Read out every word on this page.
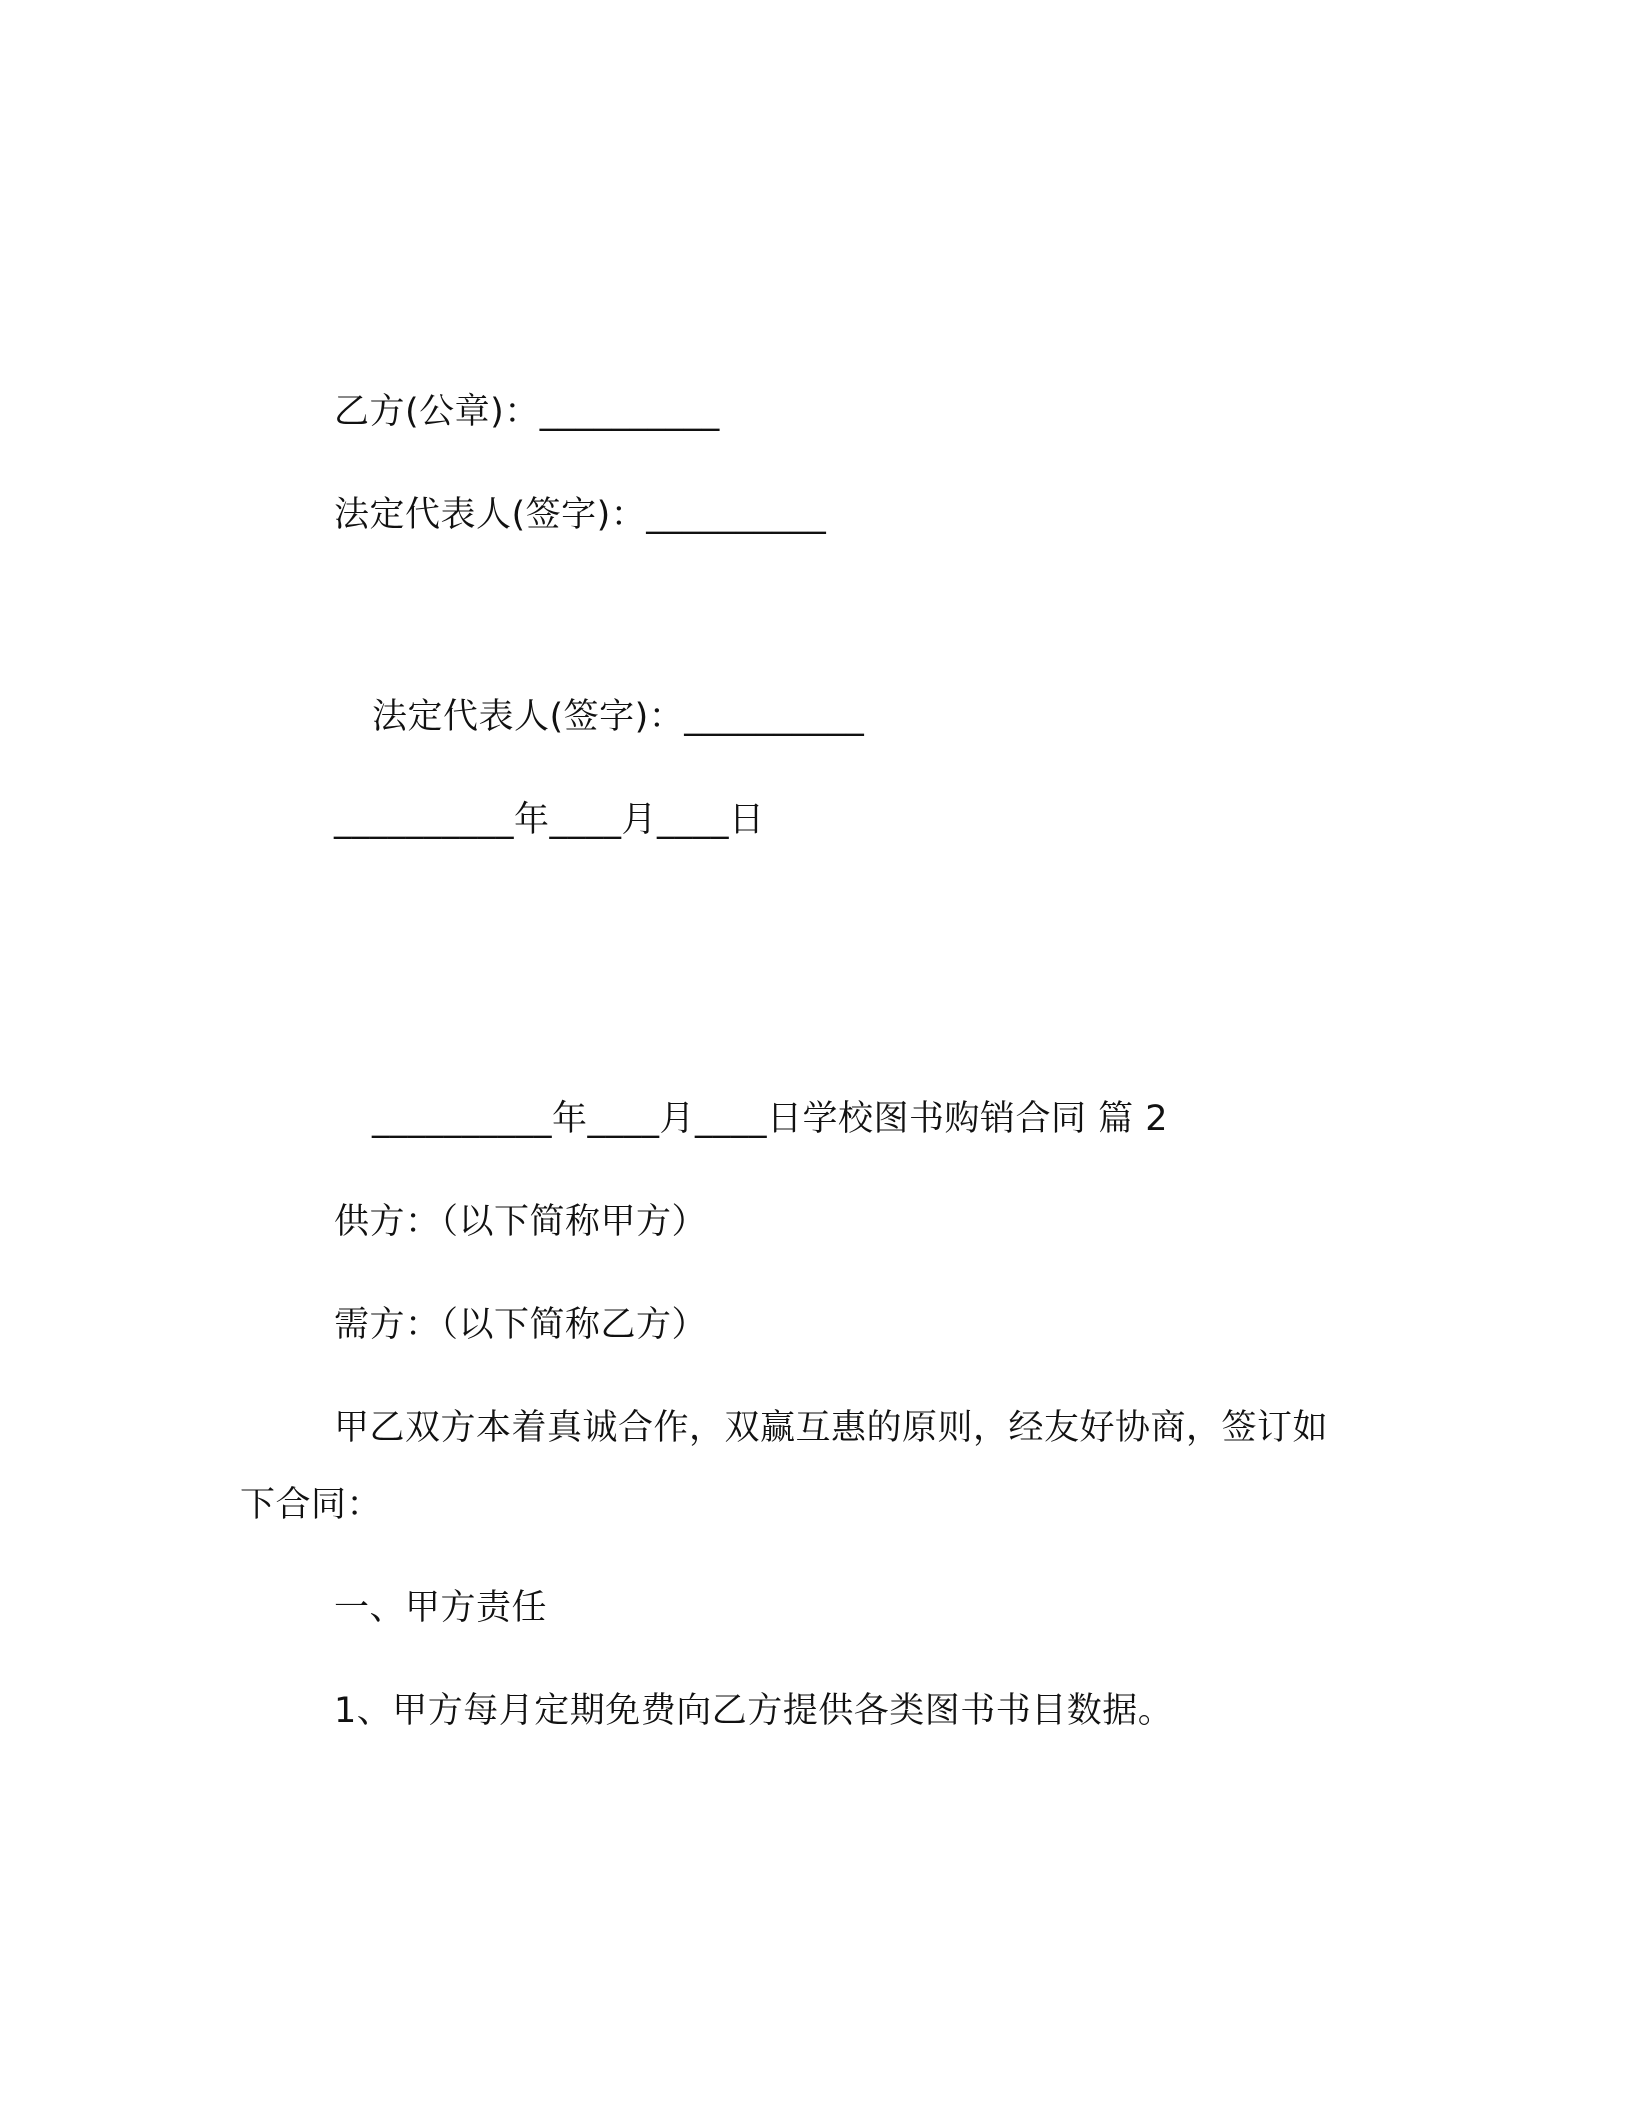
乙方(公章)：__________
法定代表人(签字)：__________
法定代表人(签字)：__________
__________年____月____日
__________年____月____日学校图书购销合同 篇 2
供方：（以下简称甲方）
需方：（以下简称乙方）
甲乙双方本着真诚合作，双赢互惠的原则，经友好协商，签订如
下合同：
一、甲方责任
1、甲方每月定期免费向乙方提供各类图书书目数据。
